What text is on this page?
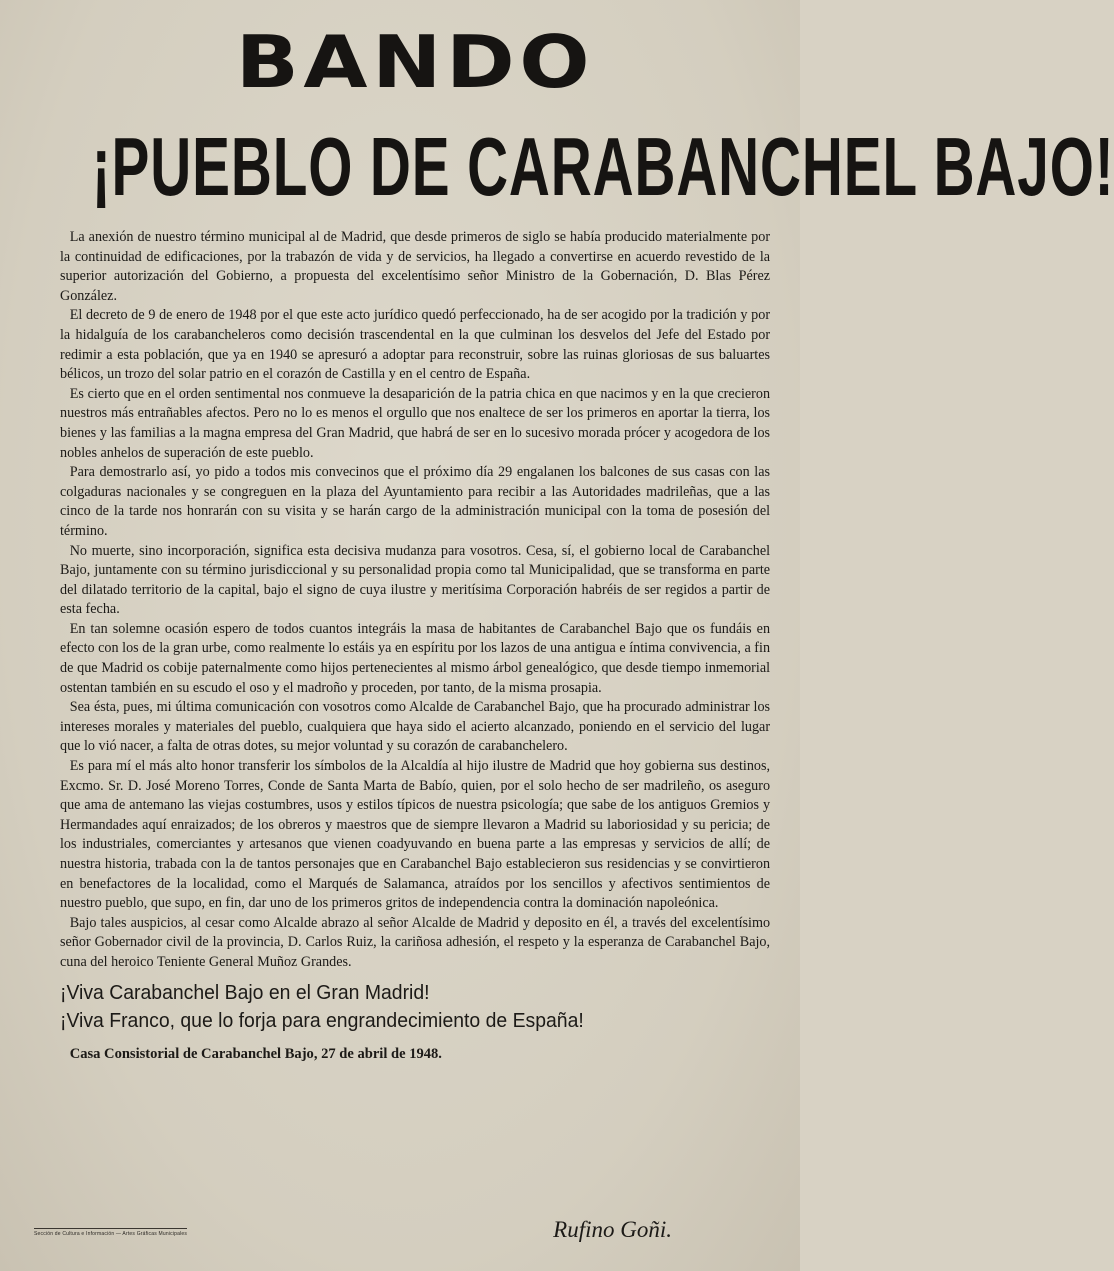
BANDO
¡PUEBLO DE CARABANCHEL BAJO!

La anexión de nuestro término municipal al de Madrid, que desde primeros de siglo se había producido materialmente por la continuidad de edificaciones, por la trabazón de vida y de servicios, ha llegado a convertirse en acuerdo revestido de la superior autorización del Gobierno, a propuesta del excelentísimo señor Ministro de la Gobernación, D. Blas Pérez González.

El decreto de 9 de enero de 1948 por el que este acto jurídico quedó perfeccionado, ha de ser acogido por la tradición y por la hidalguía de los carabancheleros como decisión trascendental en la que culminan los desvelos del Jefe del Estado por redimir a esta población, que ya en 1940 se apresuró a adoptar para reconstruir, sobre las ruinas gloriosas de sus baluartes bélicos, un trozo del solar patrio en el corazón de Castilla y en el centro de España.

Es cierto que en el orden sentimental nos conmueve la desaparición de la patria chica en que nacimos y en la que crecieron nuestros más entrañables afectos. Pero no lo es menos el orgullo que nos enaltece de ser los primeros en aportar la tierra, los bienes y las familias a la magna empresa del Gran Madrid, que habrá de ser en lo sucesivo morada prócer y acogedora de los nobles anhelos de superación de este pueblo.

Para demostrarlo así, yo pido a todos mis convecinos que el próximo día 29 engalanen los balcones de sus casas con las colgaduras nacionales y se congreguen en la plaza del Ayuntamiento para recibir a las Autoridades madrileñas, que a las cinco de la tarde nos honrarán con su visita y se harán cargo de la administración municipal con la toma de posesión del término.

No muerte, sino incorporación, significa esta decisiva mudanza para vosotros. Cesa, sí, el gobierno local de Carabanchel Bajo, juntamente con su término jurisdiccional y su personalidad propia como tal Municipalidad, que se transforma en parte del dilatado territorio de la capital, bajo el signo de cuya ilustre y meritísima Corporación habréis de ser regidos a partir de esta fecha.

En tan solemne ocasión espero de todos cuantos integráis la masa de habitantes de Carabanchel Bajo que os fundáis en efecto con los de la gran urbe, como realmente lo estáis ya en espíritu por los lazos de una antigua e íntima convivencia, a fin de que Madrid os cobije paternalmente como hijos pertenecientes al mismo árbol genealógico, que desde tiempo inmemorial ostentan también en su escudo el oso y el madroño y proceden, por tanto, de la misma prosapia.

Sea ésta, pues, mi última comunicación con vosotros como Alcalde de Carabanchel Bajo, que ha procurado administrar los intereses morales y materiales del pueblo, cualquiera que haya sido el acierto alcanzado, poniendo en el servicio del lugar que lo vió nacer, a falta de otras dotes, su mejor voluntad y su corazón de carabanchelero.

Es para mí el más alto honor transferir los símbolos de la Alcaldía al hijo ilustre de Madrid que hoy gobierna sus destinos, Excmo. Sr. D. José Moreno Torres, Conde de Santa Marta de Babío, quien, por el solo hecho de ser madrileño, os aseguro que ama de antemano las viejas costumbres, usos y estilos típicos de nuestra psicología; que sabe de los antiguos Gremios y Hermandades aquí enraizados; de los obreros y maestros que de siempre llevaron a Madrid su laboriosidad y su pericia; de los industriales, comerciantes y artesanos que vienen coadyuvando en buena parte a las empresas y servicios de allí; de nuestra historia, trabada con la de tantos personajes que en Carabanchel Bajo establecieron sus residencias y se convirtieron en benefactores de la localidad, como el Marqués de Salamanca, atraídos por los sencillos y afectivos sentimientos de nuestro pueblo, que supo, en fin, dar uno de los primeros gritos de independencia contra la dominación napoleónica.

Bajo tales auspicios, al cesar como Alcalde abrazo al señor Alcalde de Madrid y deposito en él, a través del excelentísimo señor Gobernador civil de la provincia, D. Carlos Ruiz, la cariñosa adhesión, el respeto y la esperanza de Carabanchel Bajo, cuna del heroico Teniente General Muñoz Grandes.

¡Viva Carabanchel Bajo en el Gran Madrid!
¡Viva Franco, que lo forja para engrandecimiento de España!
Casa Consistorial de Carabanchel Bajo, 27 de abril de 1948.
Sección de Cultura e Información — Artes Gráficas Municipales	Rufino Goñi.
